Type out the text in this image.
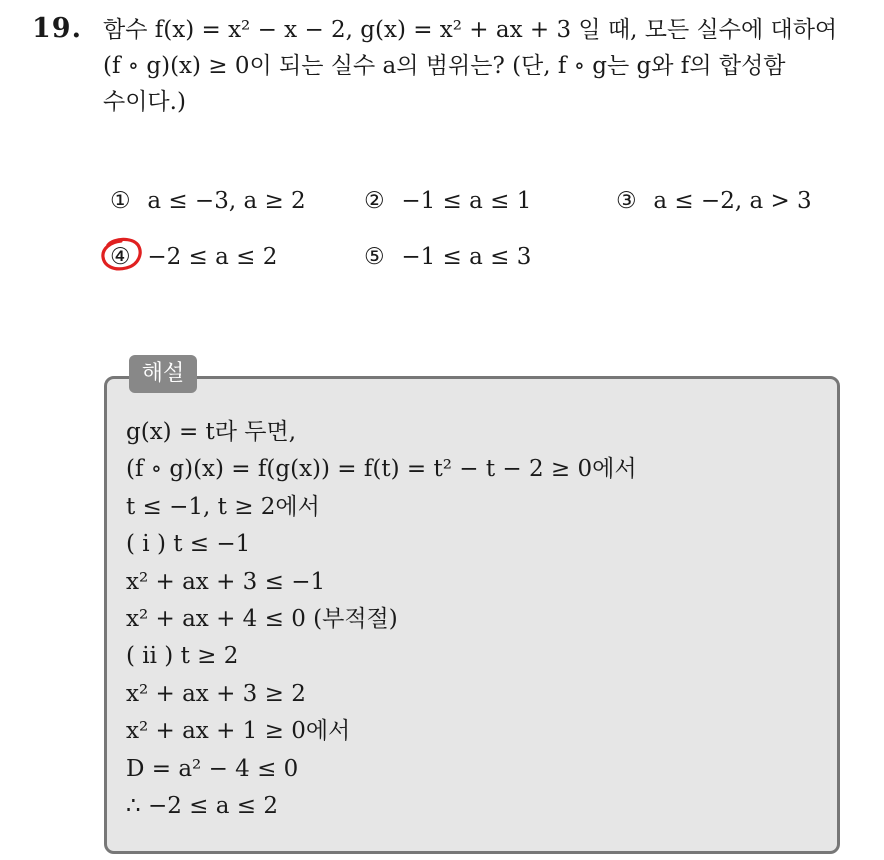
19. 함수 f(x) = x² − x − 2, g(x) = x² + ax + 3 일 때, 모든 실수에 대하여
(f ∘ g)(x) ≥ 0이 되는 실수 a의 범위는? (단, f ∘ g는 g와 f의 합성함
수이다.)
① a ≤ −3, a ≥ 2	② −1 ≤ a ≤ 1	③ a ≤ −2, a > 3
④ −2 ≤ a ≤ 2	⑤ −1 ≤ a ≤ 3
해설
g(x) = t라 두면,
(f ∘ g)(x) = f(g(x)) = f(t) = t² − t − 2 ≥ 0에서
t ≤ −1, t ≥ 2에서
( i ) t ≤ −1
x² + ax + 3 ≤ −1
x² + ax + 4 ≤ 0 (부적절)
( ii ) t ≥ 2
x² + ax + 3 ≥ 2
x² + ax + 1 ≥ 0에서
D = a² − 4 ≤ 0
∴ −2 ≤ a ≤ 2
